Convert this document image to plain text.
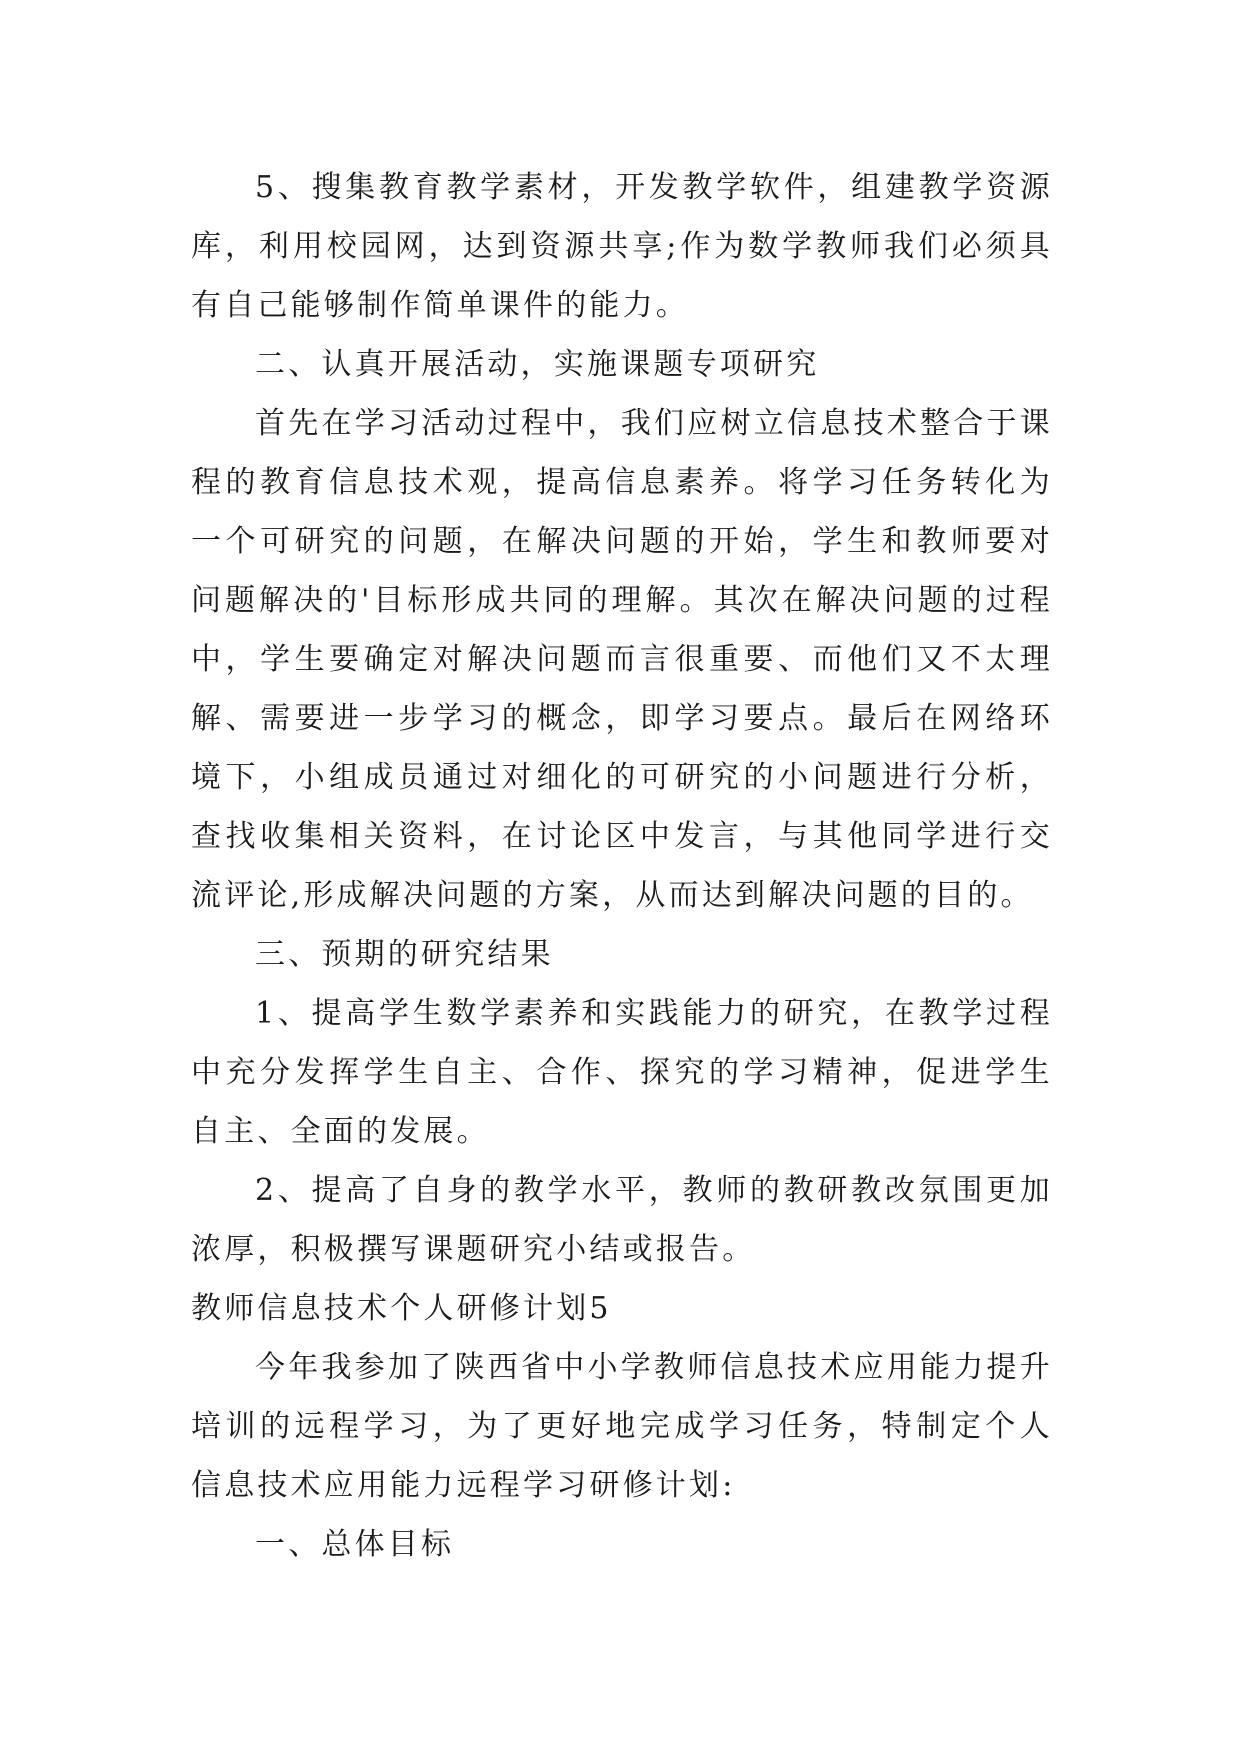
5、搜集教育教学素材，开发教学软件，组建教学资源库，利用校园网，达到资源共享;作为数学教师我们必须具有自己能够制作简单课件的能力。

二、认真开展活动，实施课题专项研究

首先在学习活动过程中，我们应树立信息技术整合于课程的教育信息技术观，提高信息素养。将学习任务转化为一个可研究的问题，在解决问题的开始，学生和教师要对问题解决的'目标形成共同的理解。其次在解决问题的过程中，学生要确定对解决问题而言很重要、而他们又不太理解、需要进一步学习的概念，即学习要点。最后在网络环境下，小组成员通过对细化的可研究的小问题进行分析，查找收集相关资料，在讨论区中发言，与其他同学进行交流评论,形成解决问题的方案，从而达到解决问题的目的。

三、预期的研究结果

1、提高学生数学素养和实践能力的研究，在教学过程中充分发挥学生自主、合作、探究的学习精神，促进学生自主、全面的发展。

2、提高了自身的教学水平，教师的教研教改氛围更加浓厚，积极撰写课题研究小结或报告。

教师信息技术个人研修计划5

今年我参加了陕西省中小学教师信息技术应用能力提升培训的远程学习，为了更好地完成学习任务，特制定个人信息技术应用能力远程学习研修计划:

一、总体目标
